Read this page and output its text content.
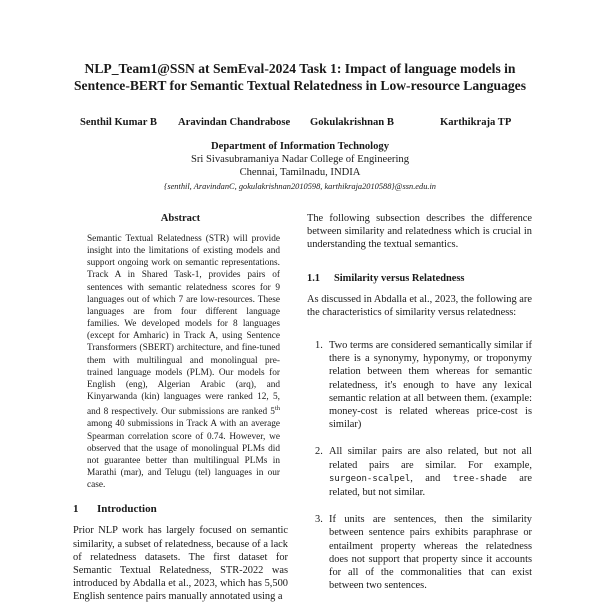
NLP_Team1@SSN at SemEval-2024 Task 1: Impact of language models in Sentence-BERT for Semantic Textual Relatedness in Low-resource Languages
Senthil Kumar B Aravindan Chandrabose Gokulakrishnan B	Karthikraja TP
Department of Information Technology
Sri Sivasubramaniya Nadar College of Engineering
Chennai, Tamilnadu, INDIA
{senthil, AravindanC, gokulakrishnan2010598, karthikraja2010588}@ssn.edu.in
Abstract
Semantic Textual Relatedness (STR) will provide insight into the limitations of existing models and support ongoing work on semantic representations. Track A in Shared Task-1, provides pairs of sentences with semantic relatedness scores for 9 languages out of which 7 are low-resources. These languages are from four different language families. We developed models for 8 languages (except for Amharic) in Track A, using Sentence Transformers (SBERT) architecture, and fine-tuned them with multilingual and monolingual pre-trained language models (PLM). Our models for English (eng), Algerian Arabic (arq), and Kinyarwanda (kin) languages were ranked 12, 5, and 8 respectively. Our submissions are ranked 5th among 40 submissions in Track A with an average Spearman correlation score of 0.74. However, we observed that the usage of monolingual PLMs did not guarantee better than multilingual PLMs in Marathi (mar), and Telugu (tel) languages in our case.
1 Introduction
Prior NLP work has largely focused on semantic similarity, a subset of relatedness, because of a lack of relatedness datasets. The first dataset for Semantic Textual Relatedness, STR-2022 was introduced by Abdalla et al., 2023, which has 5,500 English sentence pairs manually annotated using a
The following subsection describes the difference between similarity and relatedness which is crucial in understanding the textual semantics.
1.1 Similarity versus Relatedness
As discussed in Abdalla et al., 2023, the following are the characteristics of similarity versus relatedness:
1. Two terms are considered semantically similar if there is a synonymy, hyponymy, or troponymy relation between them whereas for semantic relatedness, it's enough to have any lexical semantic relation at all between them. (example: money-cost is related whereas price-cost is similar)
2. All similar pairs are also related, but not all related pairs are similar. For example, surgeon-scalpel, and tree-shade are related, but not similar.
3. If units are sentences, then the similarity between sentence pairs exhibits paraphrase or entailment property whereas the relatedness does not support that property since it accounts for all of the commonalities that can exist between two sentences.
